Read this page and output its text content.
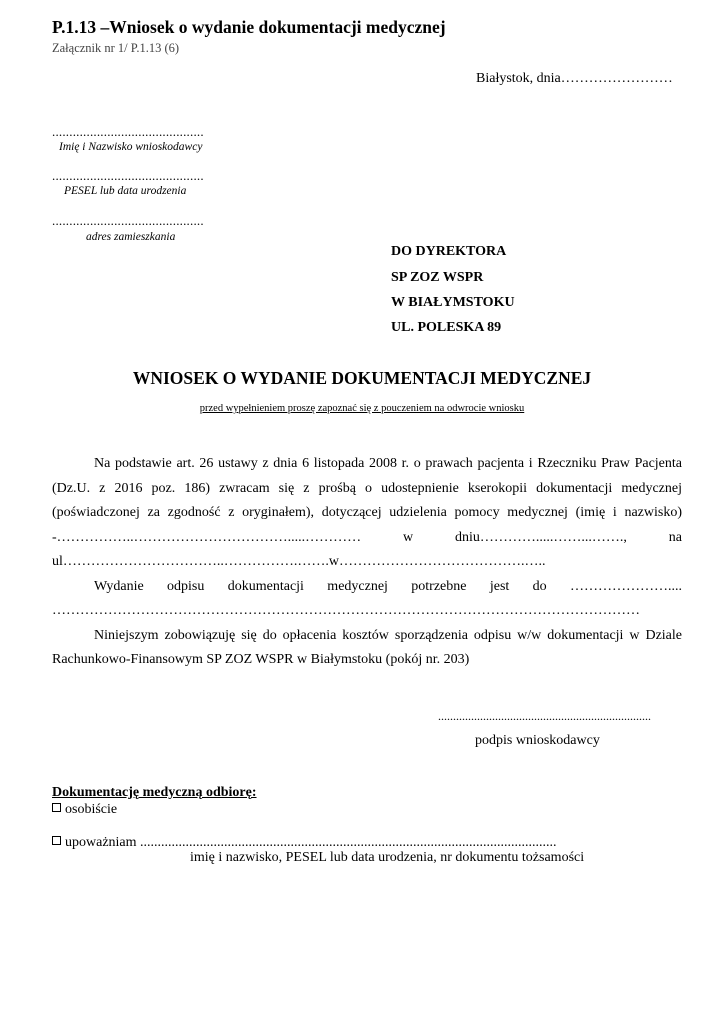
P.1.13 –Wniosek o wydanie dokumentacji medycznej
Załącznik nr 1/ P.1.13 (6)
Białystok, dnia……………………
............................................
Imię i Nazwisko wnioskodawcy
............................................
PESEL lub data urodzenia
............................................
adres zamieszkania
DO DYREKTORA
SP ZOZ WSPR
W BIAŁYMSTOKU
UL. POLESKA 89
WNIOSEK O WYDANIE DOKUMENTACJI MEDYCZNEJ
przed wypełnieniem proszę zapoznać się z pouczeniem na odwrocie wniosku

Na podstawie art. 26 ustawy z dnia 6 listopada 2008 r. o prawach pacjenta i Rzeczniku Praw Pacjenta (Dz.U. z 2016 poz. 186) zwracam się z prośbą o udostepnienie kserokopii dokumentacji medycznej (poświadczonej za zgodność z oryginałem), dotyczącej udzielenia pomocy medycznej (imię i nazwisko) -……………..…………………………….....………… w dniu………….....……...……., na ul……………………………..…………….…….w………………………………….…..

Wydanie odpisu dokumentacji medycznej potrzebne jest do ………………….... ………………………………………………………………………………………………………………

Niniejszym zobowiązuję się do opłacenia kosztów sporządzenia odpisu w/w dokumentacji w Dziale Rachunkowo-Finansowym SP ZOZ WSPR w Białymstoku (pokój nr. 203)

.......................................................................
podpis wnioskodawcy
Dokumentację medyczną odbiorę:
osobiście
upoważniam .......................................................................................................................
imię i nazwisko, PESEL lub data urodzenia, nr dokumentu tożsamości
